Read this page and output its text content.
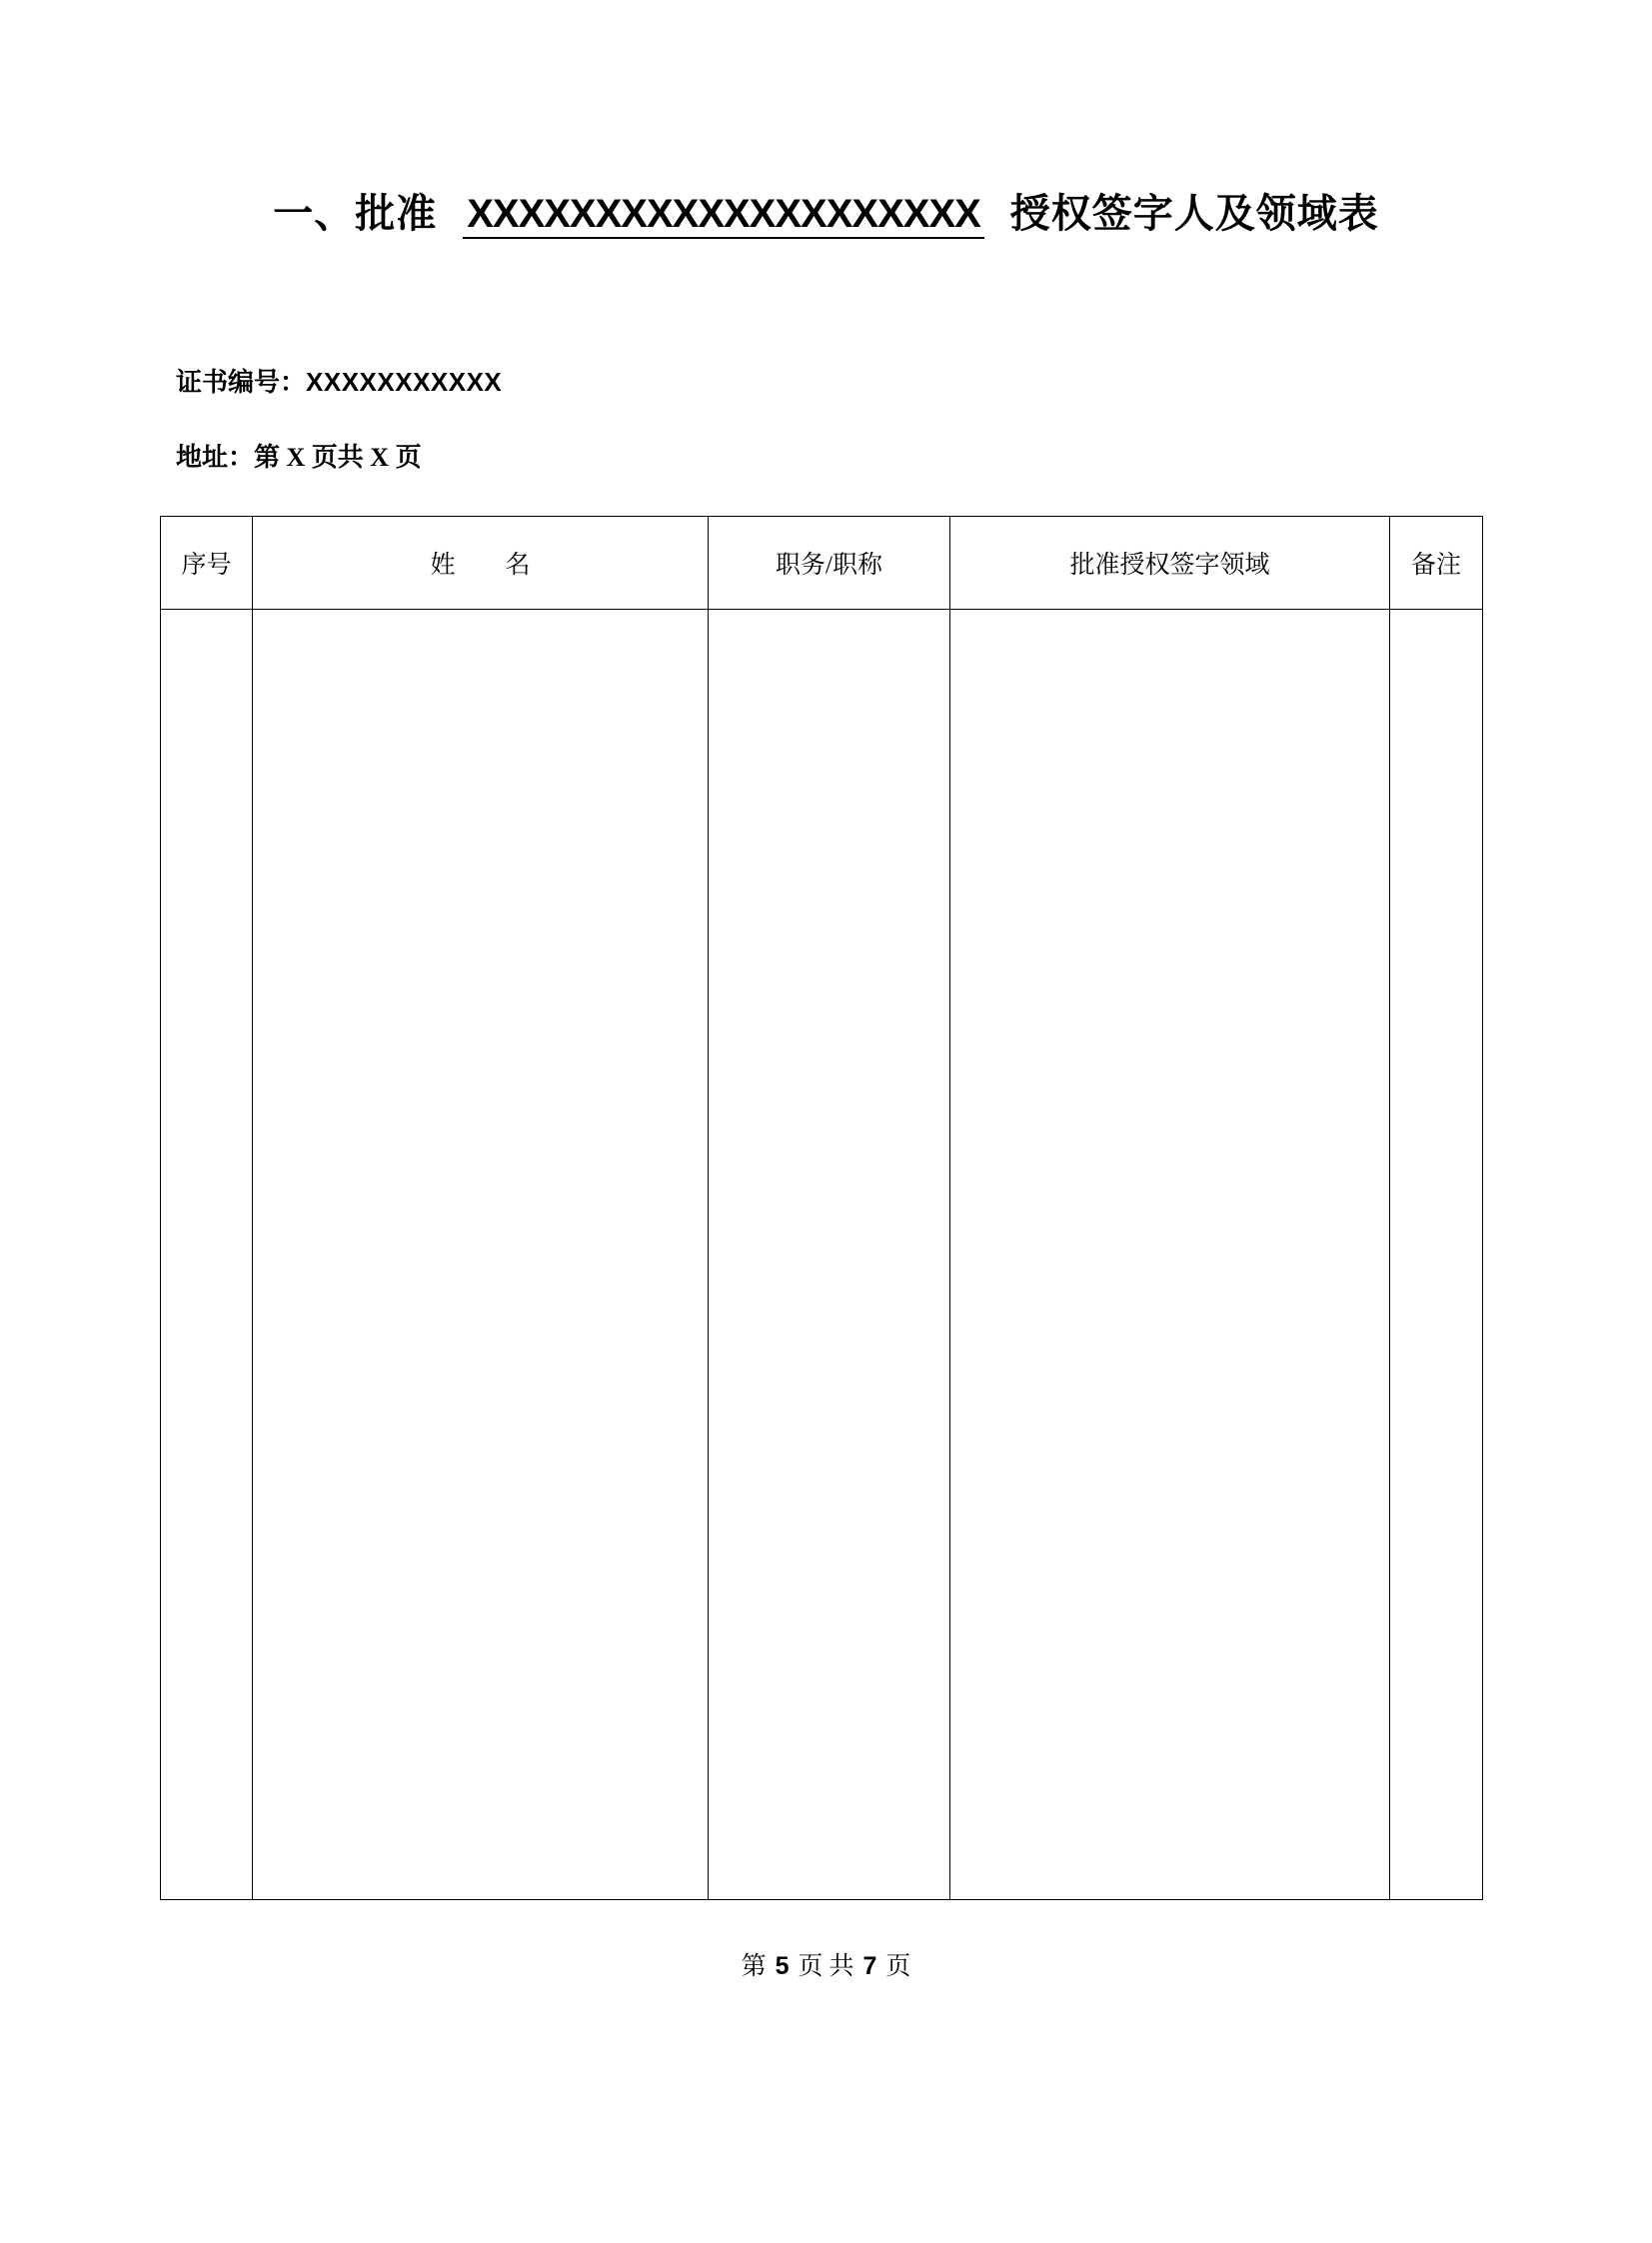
一、批准 XXXXXXXXXXXXXXXXXXXX 授权签字人及领域表
证书编号：XXXXXXXXXXX
地址：第 X 页共 X 页
序号	姓　　名	职务/职称	批准授权签字领域	备注

第 5 页 共 7 页
